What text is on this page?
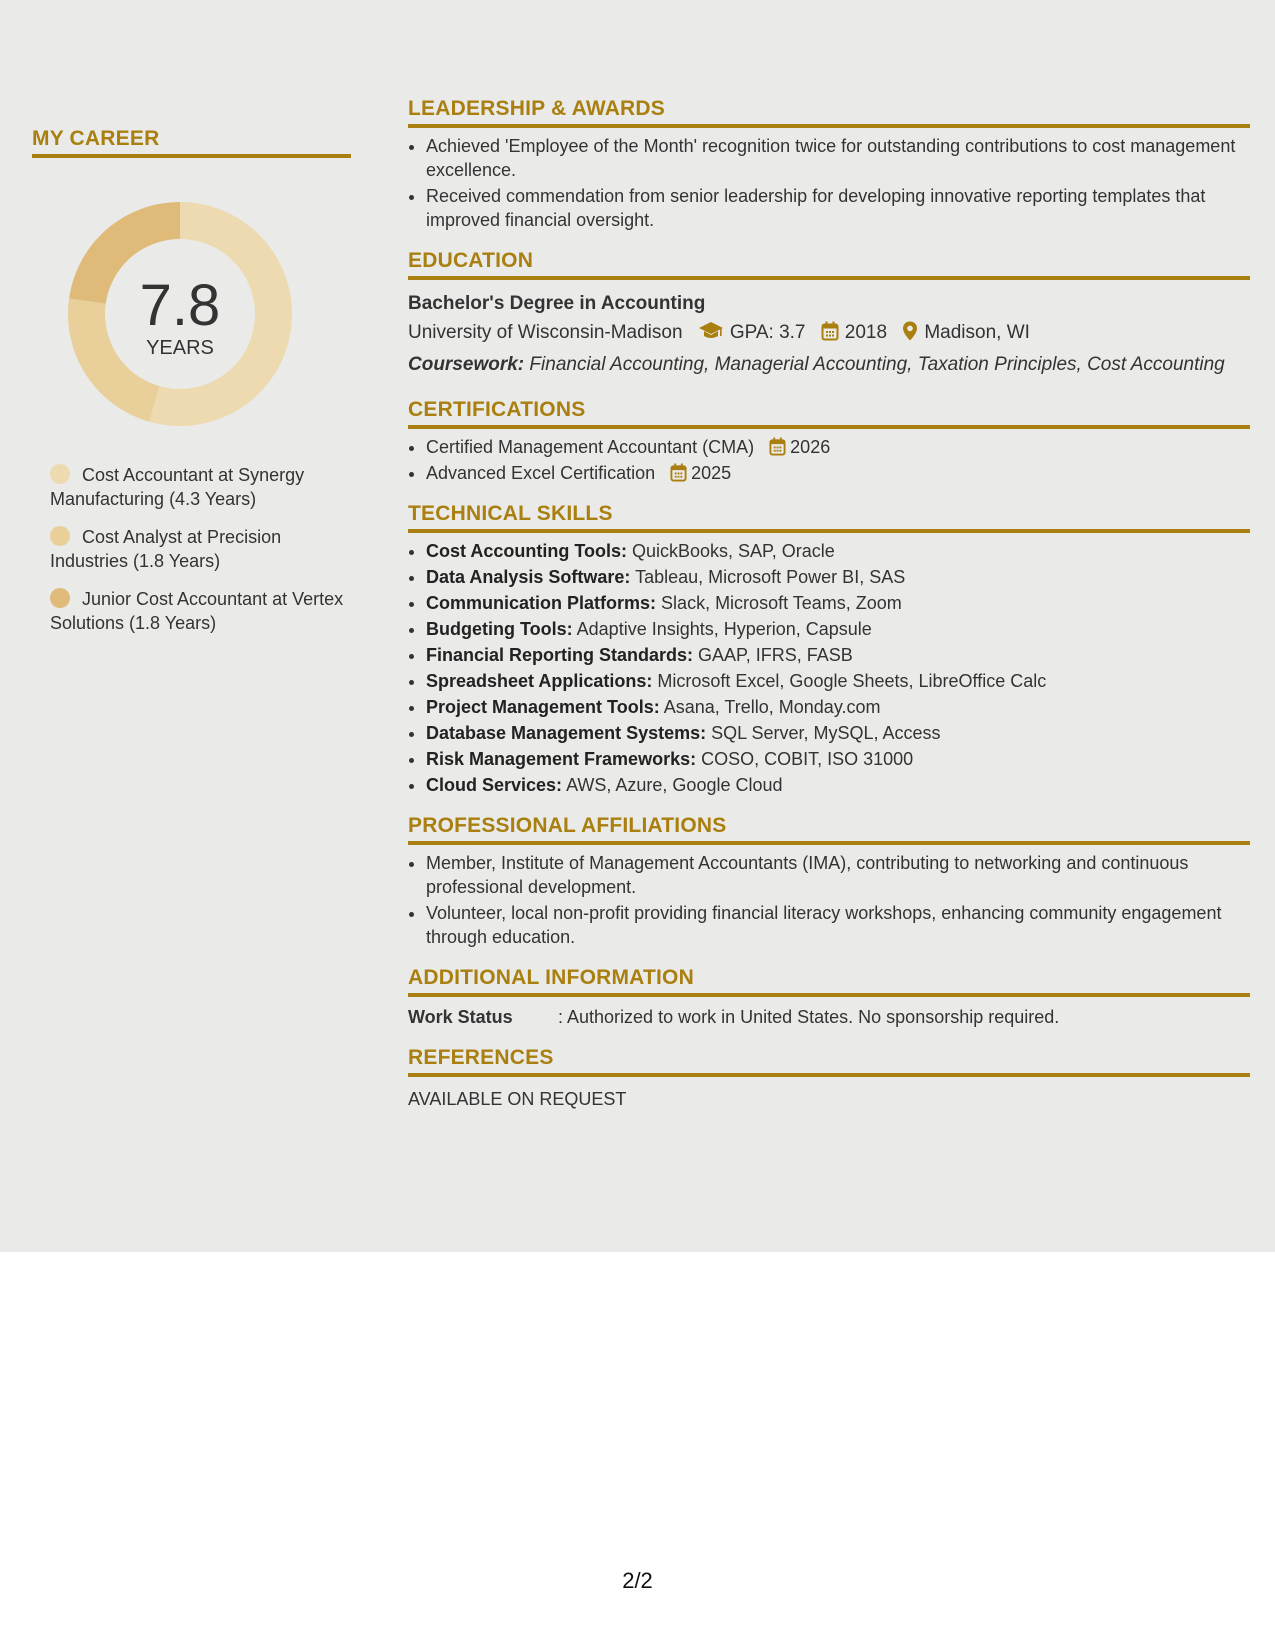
MY CAREER
7.8
YEARS
Cost Accountant at Synergy Manufacturing (4.3 Years)
Cost Analyst at Precision Industries (1.8 Years)
Junior Cost Accountant at Vertex Solutions (1.8 Years)
LEADERSHIP & AWARDS
• Achieved 'Employee of the Month' recognition twice for outstanding contributions to cost management excellence.
• Received commendation from senior leadership for developing innovative reporting templates that improved financial oversight.
EDUCATION
Bachelor's Degree in Accounting
University of Wisconsin-Madison GPA: 3.7 2018 Madison, WI
Coursework: Financial Accounting, Managerial Accounting, Taxation Principles, Cost Accounting
CERTIFICATIONS
• Certified Management Accountant (CMA) 2026
• Advanced Excel Certification 2025
TECHNICAL SKILLS
• Cost Accounting Tools: QuickBooks, SAP, Oracle
• Data Analysis Software: Tableau, Microsoft Power BI, SAS
• Communication Platforms: Slack, Microsoft Teams, Zoom
• Budgeting Tools: Adaptive Insights, Hyperion, Capsule
• Financial Reporting Standards: GAAP, IFRS, FASB
• Spreadsheet Applications: Microsoft Excel, Google Sheets, LibreOffice Calc
• Project Management Tools: Asana, Trello, Monday.com
• Database Management Systems: SQL Server, MySQL, Access
• Risk Management Frameworks: COSO, COBIT, ISO 31000
• Cloud Services: AWS, Azure, Google Cloud
PROFESSIONAL AFFILIATIONS
• Member, Institute of Management Accountants (IMA), contributing to networking and continuous professional development.
• Volunteer, local non-profit providing financial literacy workshops, enhancing community engagement through education.
ADDITIONAL INFORMATION
Work Status	: Authorized to work in United States. No sponsorship required.
REFERENCES
AVAILABLE ON REQUEST
2/2
